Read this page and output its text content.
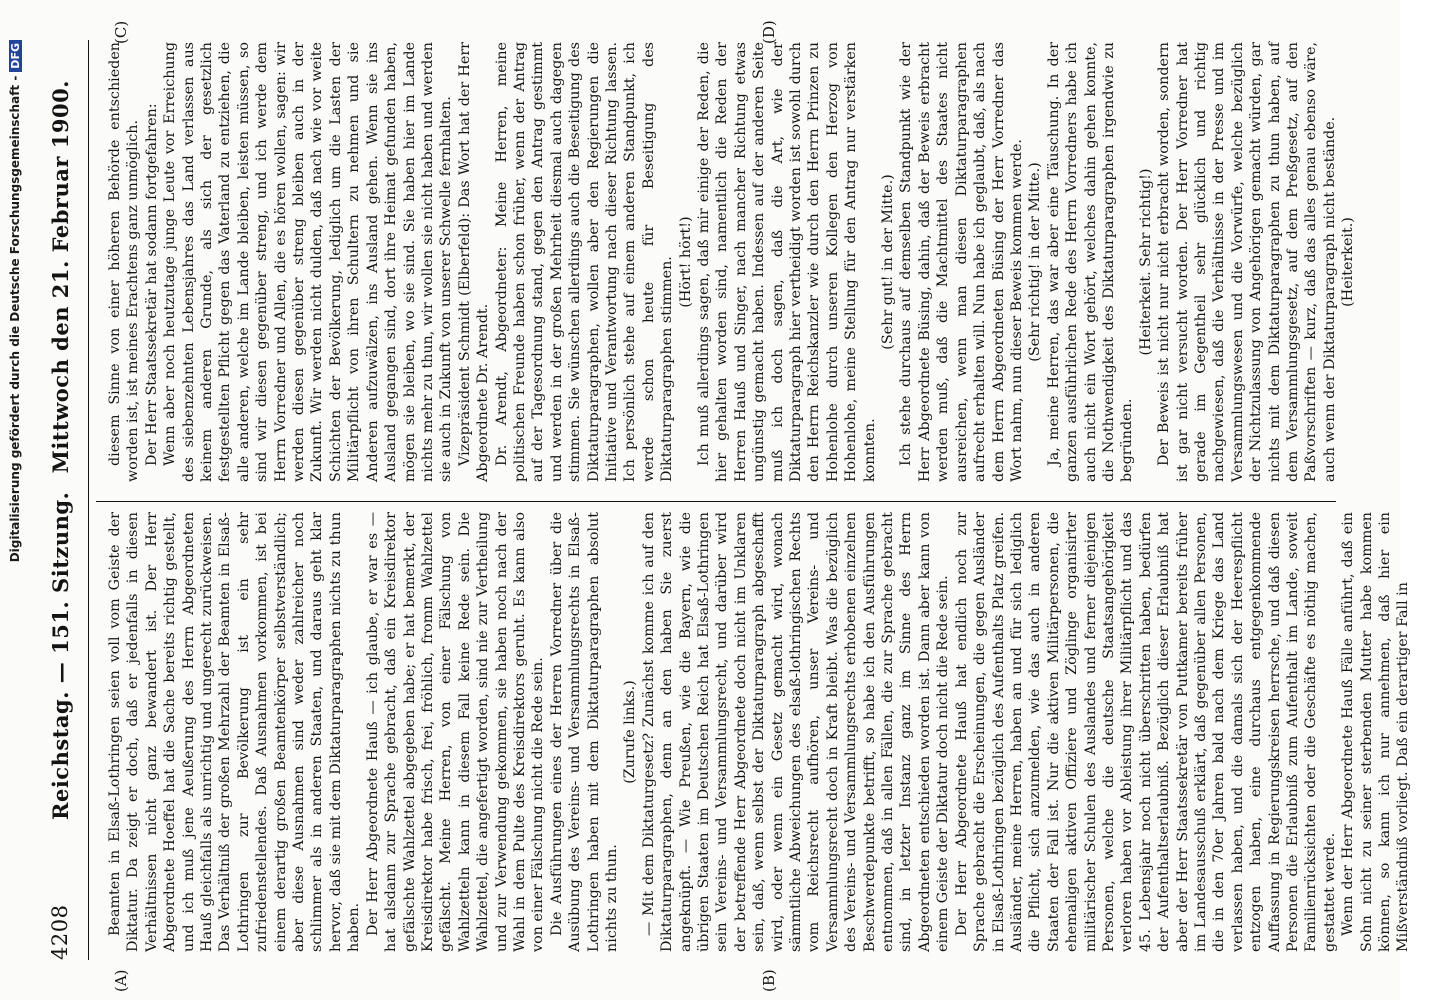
Digitalisierung gefördert durch die Deutsche Forschungsgemeinschaft -DFG
4208
Reichstag. — 151. Sitzung.
Mittwoch den 21. Februar 1900.
(A)	(B)
(C)	(D)

Beamten in Elsaß-Lothringen seien voll vom Geiste der Diktatur. Da zeigt er doch, daß er jedenfalls in diesen Verhältnissen nicht ganz bewandert ist. Der Herr Abgeordnete Hoeffel hat die Sache bereits richtig gestellt, und ich muß jene Aeußerung des Herrn Abgeordneten Hauß gleichfalls als unrichtig und ungerecht zurückweisen. Das Verhältniß der großen Mehrzahl der Beamten in Elsaß-Lothringen zur Bevölkerung ist ein sehr zufriedenstellendes. Daß Ausnahmen vorkommen, ist bei einem derartig großen Beamtenkörper selbstverständlich; aber diese Ausnahmen sind weder zahlreicher noch schlimmer als in anderen Staaten, und daraus geht klar hervor, daß sie mit dem Diktaturparagraphen nichts zu thun haben. Der Herr Abgeordnete Hauß — ich glaube, er war es — hat alsdann zur Sprache gebracht, daß ein Kreisdirektor gefälschte Wahlzettel abgegeben habe; er hat bemerkt, der Kreisdirektor habe frisch, frei, fröhlich, fromm Wahlzettel gefälscht. Meine Herren, von einer Fälschung von Wahlzetteln kann in diesem Fall keine Rede sein. Die Wahlzettel, die angefertigt worden, sind nie zur Vertheilung und zur Verwendung gekommen, sie haben noch nach der Wahl in dem Pulte des Kreisdirektors geruht. Es kann also von einer Fälschung nicht die Rede sein. Die Ausführungen eines der Herren Vorredner über die Ausübung des Vereins- und Versammlungsrechts in Elsaß-Lothringen haben mit dem Diktaturparagraphen absolut nichts zu thun.

(Zurufe links.) — Mit dem Diktaturgesetz? Zunächst komme ich auf den Diktaturparagraphen, denn an den haben Sie zuerst angeknüpft. — Wie Preußen, wie die Bayern, wie die übrigen Staaten im Deutschen Reich hat Elsaß-Lothringen sein Vereins- und Versammlungsrecht, und darüber wird der betreffende Herr Abgeordnete doch nicht im Unklaren sein, daß, wenn selbst der Diktaturparagraph abgeschafft wird, oder wenn ein Gesetz gemacht wird, wonach sämmtliche Abweichungen des elsaß-lothringischen Rechts vom Reichsrecht aufhören, unser Vereins- und Versammlungsrecht doch in Kraft bleibt. Was die bezüglich des Vereins- und Versammlungsrechts erhobenen einzelnen Beschwerdepunkte betrifft, so habe ich den Ausführungen entnommen, daß in allen Fällen, die zur Sprache gebracht sind, in letzter Instanz ganz im Sinne des Herrn Abgeordneten entschieden worden ist. Dann aber kann von einem Geiste der Diktatur doch nicht die Rede sein. Der Herr Abgeordnete Hauß hat endlich noch zur Sprache gebracht die Erscheinungen, die gegen Ausländer in Elsaß-Lothringen bezüglich des Aufenthalts Platz greifen. Ausländer, meine Herren, haben an und für sich lediglich die Pflicht, sich anzumelden, wie das auch in anderen Staaten der Fall ist. Nur die aktiven Militärpersonen, die ehemaligen aktiven Offiziere und Zöglinge organisirter militärischer Schulen des Auslandes und ferner diejenigen Personen, welche die deutsche Staatsangehörigkeit verloren haben vor Ableistung ihrer Militärpflicht und das 45. Lebensjahr noch nicht überschritten haben, bedürfen der Aufenthaltserlaubniß. Bezüglich dieser Erlaubniß hat aber der Herr Staatssekretär von Puttkamer bereits früher im Landesausschuß erklärt, daß gegenüber allen Personen, die in den 70er Jahren bald nach dem Kriege das Land verlassen haben, und die damals sich der Heerespflicht entzogen haben, eine durchaus entgegenkommende Auffassung in Regierungskreisen herrsche, und daß diesen Personen die Erlaubniß zum Aufenthalt im Lande, soweit Familienrücksichten oder die Geschäfte es nöthig machen, gestattet werde. Wenn der Herr Abgeordnete Hauß Fälle anführt, daß ein Sohn nicht zu seiner sterbenden Mutter habe kommen können, so kann ich nur annehmen, daß hier ein Mißverständniß vorliegt. Daß ein derartiger Fall in

diesem Sinne von einer höheren Behörde entschieden worden ist, ist meines Erachtens ganz unmöglich. Der Herr Staatssekretär hat sodann fortgefahren: Wenn aber noch heutzutage junge Leute vor Erreichung des siebenzehnten Lebensjahres das Land verlassen aus keinem anderen Grunde, als sich der gesetzlich festgestellten Pflicht gegen das Vaterland zu entziehen, die alle anderen, welche im Lande bleiben, leisten müssen, so sind wir diesen gegenüber streng, und ich werde dem Herrn Vorredner und Allen, die es hören wollen, sagen: wir werden diesen gegenüber streng bleiben auch in der Zukunft. Wir werden nicht dulden, daß nach wie vor weite Schichten der Bevölkerung, lediglich um die Lasten der Militärpflicht von ihren Schultern zu nehmen und sie Anderen aufzuwälzen, ins Ausland gehen. Wenn sie ins Ausland gegangen sind, dort ihre Heimat gefunden haben, mögen sie bleiben, wo sie sind. Sie haben hier im Lande nichts mehr zu thun, wir wollen sie nicht haben und werden sie auch in Zukunft von unserer Schwelle fernhalten. Vizepräsident Schmidt (Elberfeld): Das Wort hat der Herr Abgeordnete Dr. Arendt. Dr. Arendt, Abgeordneter: Meine Herren, meine politischen Freunde haben schon früher, wenn der Antrag auf der Tagesordnung stand, gegen den Antrag gestimmt und werden in der großen Mehrheit diesmal auch dagegen stimmen. Sie wünschen allerdings auch die Beseitigung des Diktaturparagraphen, wollen aber den Regierungen die Initiative und Verantwortung nach dieser Richtung lassen. Ich persönlich stehe auf einem anderen Standpunkt, ich werde schon heute für Beseitigung des Diktaturparagraphen stimmen. (Hört! hört!) Ich muß allerdings sagen, daß mir einige der Reden, die hier gehalten worden sind, namentlich die Reden der Herren Hauß und Singer, nach mancher Richtung etwas ungünstig gemacht haben. Indessen auf der anderen Seite muß ich doch sagen, daß die Art, wie der Diktaturparagraph hier vertheidigt worden ist sowohl durch den Herrn Reichskanzler wie durch den Herrn Prinzen zu Hohenlohe durch unseren Kollegen den Herzog von Hohenlohe, meine Stellung für den Antrag nur verstärken konnten.

(Sehr gut! in der Mitte.) Ich stehe durchaus auf demselben Standpunkt wie der Herr Abgeordnete Büsing, dahin, daß der Beweis erbracht werden muß, daß die Machtmittel des Staates nicht ausreichen, wenn man diesen Diktaturparagraphen aufrecht erhalten will. Nun habe ich geglaubt, daß, als nach dem Herrn Abgeordneten Büsing der Herr Vorredner das Wort nahm, nun dieser Beweis kommen werde. (Sehr richtig! in der Mitte.) Ja, meine Herren, das war aber eine Täuschung. In der ganzen ausführlichen Rede des Herrn Vorredners habe ich auch nicht ein Wort gehört, welches dahin gehen konnte, die Nothwendigkeit des Diktaturparagraphen irgendwie zu begründen.

(Heiterkeit. Sehr richtig!) Der Beweis ist nicht nur nicht erbracht worden, sondern ist gar nicht versucht worden. Der Herr Vorredner hat gerade im Gegentheil sehr glücklich und richtig nachgewiesen, daß die Verhältnisse in der Presse und im Versammlungswesen und die Vorwürfe, welche bezüglich der Nichtzulassung von Angehörigen gemacht würden, gar nichts mit dem Diktaturparagraphen zu thun haben, auf dem Versammlungsgesetz, auf dem Preßgesetz, auf den Paßvorschriften — kurz, daß das alles genau ebenso wäre, auch wenn der Diktaturparagraph nicht bestände. (Heiterkeit.)
